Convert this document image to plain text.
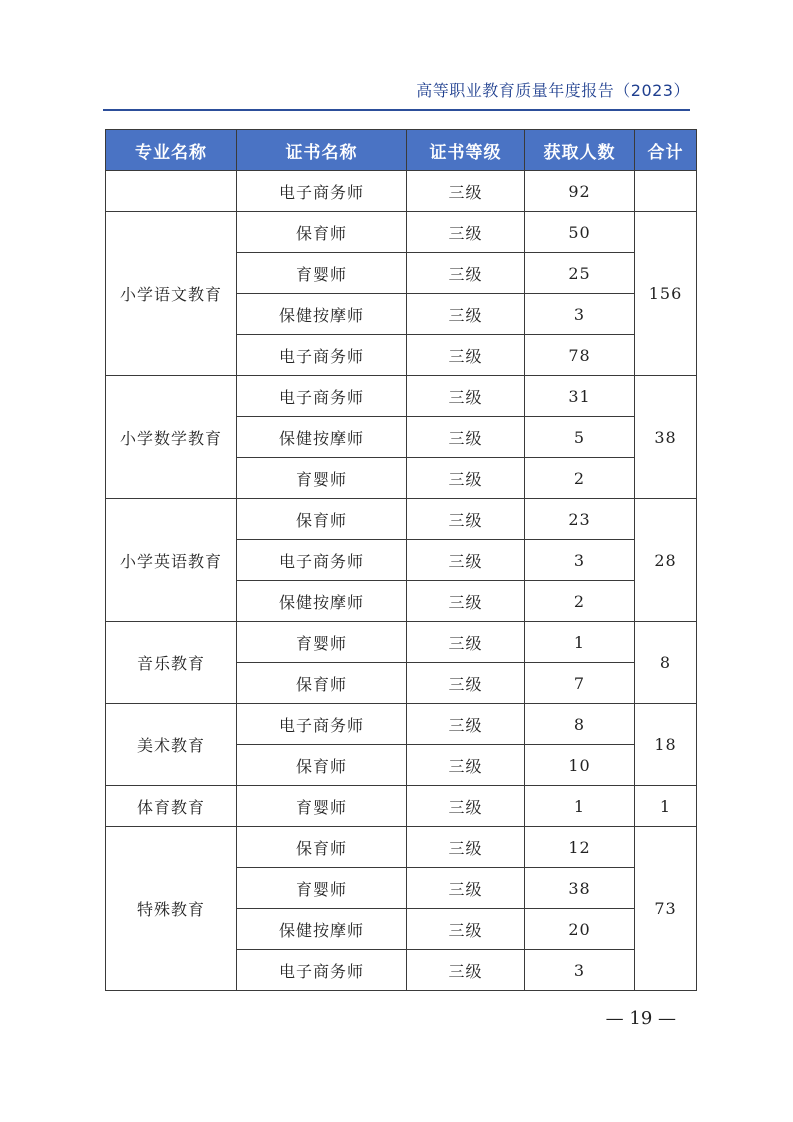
高等职业教育质量年度报告（2023）
专业名称	证书名称	证书等级	获取人数	合计
	电子商务师	三级	92	
小学语文教育	保育师	三级	50	156
	育婴师	三级	25	
	保健按摩师	三级	3	
	电子商务师	三级	78	
小学数学教育	电子商务师	三级	31	38
	保健按摩师	三级	5	
	育婴师	三级	2	
小学英语教育	保育师	三级	23	28
	电子商务师	三级	3	
	保健按摩师	三级	2	
音乐教育	育婴师	三级	1	8
	保育师	三级	7	
美术教育	电子商务师	三级	8	18
	保育师	三级	10	
体育教育	育婴师	三级	1	1
特殊教育	保育师	三级	12	73
	育婴师	三级	38	
	保健按摩师	三级	20	
	电子商务师	三级	3	
— 19 —
